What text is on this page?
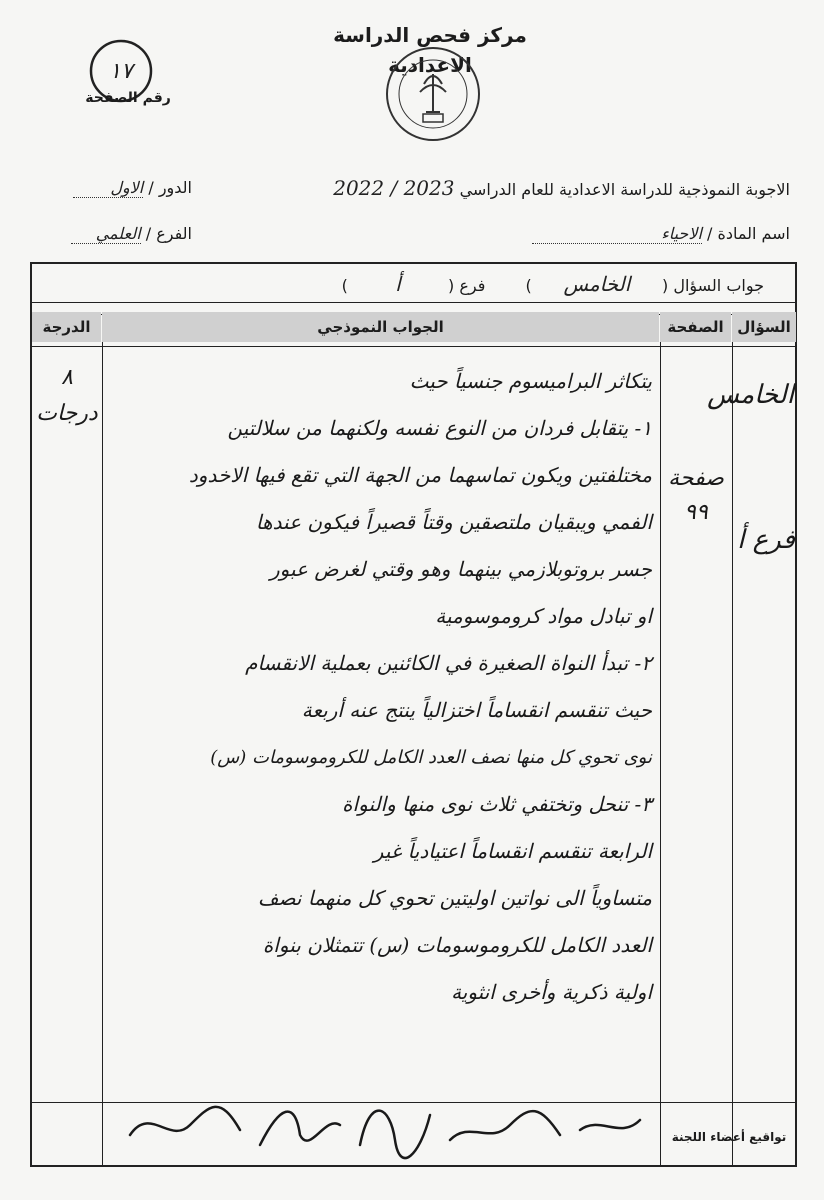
مركز فحص الدراسة الاعدادية
١٧
رقم الصفحة
الاجوبة النموذجية للدراسة الاعدادية للعام الدراسي 2023 / 2022
الدور / الاول
اسم المادة / الاحياء
الفرع / العلمي
جواب السؤال ( الخامس )  فرع ( أ )
السؤال
الصفحة
الجواب النموذجي
الدرجة
الخامس
فرع أ
صفحة ٩٩
٨ درجات

يتكاثر البراميسوم جنسياً حيث

١- يتقابل فردان من النوع نفسه ولكنهما من سلالتين

مختلفتين ويكون تماسهما من الجهة التي تقع فيها الاخدود

الفمي ويبقيان ملتصقين وقتاً قصيراً فيكون عندها

جسر بروتوبلازمي بينهما وهو وقتي لغرض عبور

او تبادل مواد كروموسومية

٢- تبدأ النواة الصغيرة في الكائنين بعملية الانقسام

حيث تنقسم انقساماً اختزالياً ينتج عنه أربعة

نوى تحوي كل منها نصف العدد الكامل للكروموسومات (س)

٣- تنحل وتختفي ثلاث نوى منها والنواة

الرابعة تنقسم انقساماً اعتيادياً غير

متساوياً الى نواتين اوليتين تحوي كل منهما نصف

العدد الكامل للكروموسومات (س) تتمثلان بنواة

اولية ذكرية وأخرى انثوية

تواقيع أعضاء اللجنة
